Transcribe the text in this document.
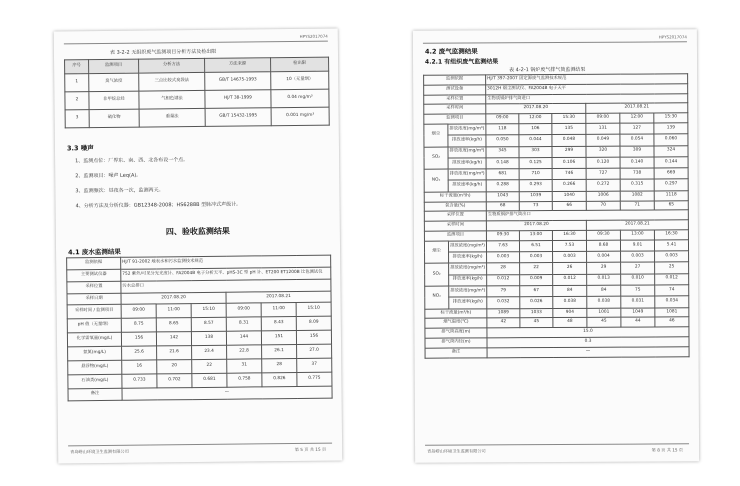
HPYS2017074
表 3-2-2 无组织废气监测项目分析方法及检出限
序号	监测项目	分析方法	方法来源	检出限
1	臭气浓度	三点比较式臭袋法	GB/T 14675-1993	10（无量纲）
2	非甲烷总烃	气相色谱法	HJ/T 38-1999	0.04 mg/m³
3	硫化物	重量法	GB/T 15432-1995	0.001 mg/m³
3.3 噪声
1、监测点位：厂界东、南、西、北各布设一个点。
2、监测项目：噪声 Leq(A)。
3、监测频次：昼夜各一次，监测两天。
4、分析方法及分析仪器：GB12348-2008；HS6288B 型脉冲式声级计。
四、验收监测结果
4.1 废水监测结果
监测依据	HJ/T 91-2002 地表水和污水监测技术规范					
主要测试仪器	752 紫外/可见分光光度计、FA2004B 电子分析天平、pHS-3C 型 pH 计、ET200 ET1200B 比色测试仪					
采样位置	污水总排口					
采样日期	2017.08.20			2017.08.21		
采样时间 / 监测项目	09:00	11:00	15:10	09:00	11:00	15:10
pH 值（无量纲）	8.75	8.65	8.57	8.31	8.43	8.09
化学需氧量(mg/L)	156	142	138	144	151	156
氨氮(mg/L)	25.6	21.6	23.4	22.8	26.1	27.0
悬浮物(mg/L)	16	20	22	31	28	37
石油类(mg/L)	0.733	0.702	0.681	0.758	0.826	0.775
备注	—					
青岛崂山环境卫生监测有限公司	第 5 页 共 15 页
HPYS2017074
4.2 废气监测结果
4.2.1 有组织废气监测结果
表 4-2-1 锅炉废气排气筒监测结果
监测依据		HJ/T 397-2007 固定源废气监测技术规范					
测试设备		3012H 烟尘测试仪、FA2004B 电子天平					
采样位置		生物质锅炉排气筒进口					
采样时间		2017.08.20			2017.08.21		
监测项目		09:00	12:00	15:30	09:00	12:00	15:30
烟尘	排放浓度(mg/m³)	118	106	135	131	127	139
	排放速率(kg/h)	0.050	0.044	0.048	0.049	0.054	0.060
SO₂	排放浓度(mg/m³)	345	303	299	320	309	324
	排放速率(kg/h)	0.148	0.125	0.106	0.120	0.140	0.144
NOₓ	排放浓度(mg/m³)	681	710	746	727	738	669
	排放速率(kg/h)	0.288	0.293	0.266	0.272	0.315	0.297
标干流量(m³/h)		1043	1039	1040	1006	1082	1118
氧含量(%)		68	73	66	70	71	65
采样位置		生物质锅炉排气筒出口					
采样时间		2017.08.20			2017.08.21		
监测项目		09:30	13:00	16:30	09:30	13:00	16:30
烟尘	排放浓度(mg/m³)	7.63	6.51	7.53	8.68	9.01	5.41
	排放速率(kg/h)	0.003	0.003	0.003	0.004	0.003	0.003
SO₂	排放浓度(mg/m³)	28	22	26	29	27	25
	排放速率(kg/h)	0.012	0.009	0.012	0.013	0.010	0.012
NOₓ	排放浓度(mg/m³)	79	67	84	84	75	74
	排放速率(kg/h)	0.032	0.026	0.038	0.038	0.031	0.034
标干流量(m³/h)		1089	1033	904	1001	1049	1081
烟气温度(℃)		42	45	48	45	44	46
排气筒高度(m)		15.0					
排气筒内径(m)		0.3					
备注		—					
青岛崂山环境卫生监测有限公司	第 8 页 共 15 页
